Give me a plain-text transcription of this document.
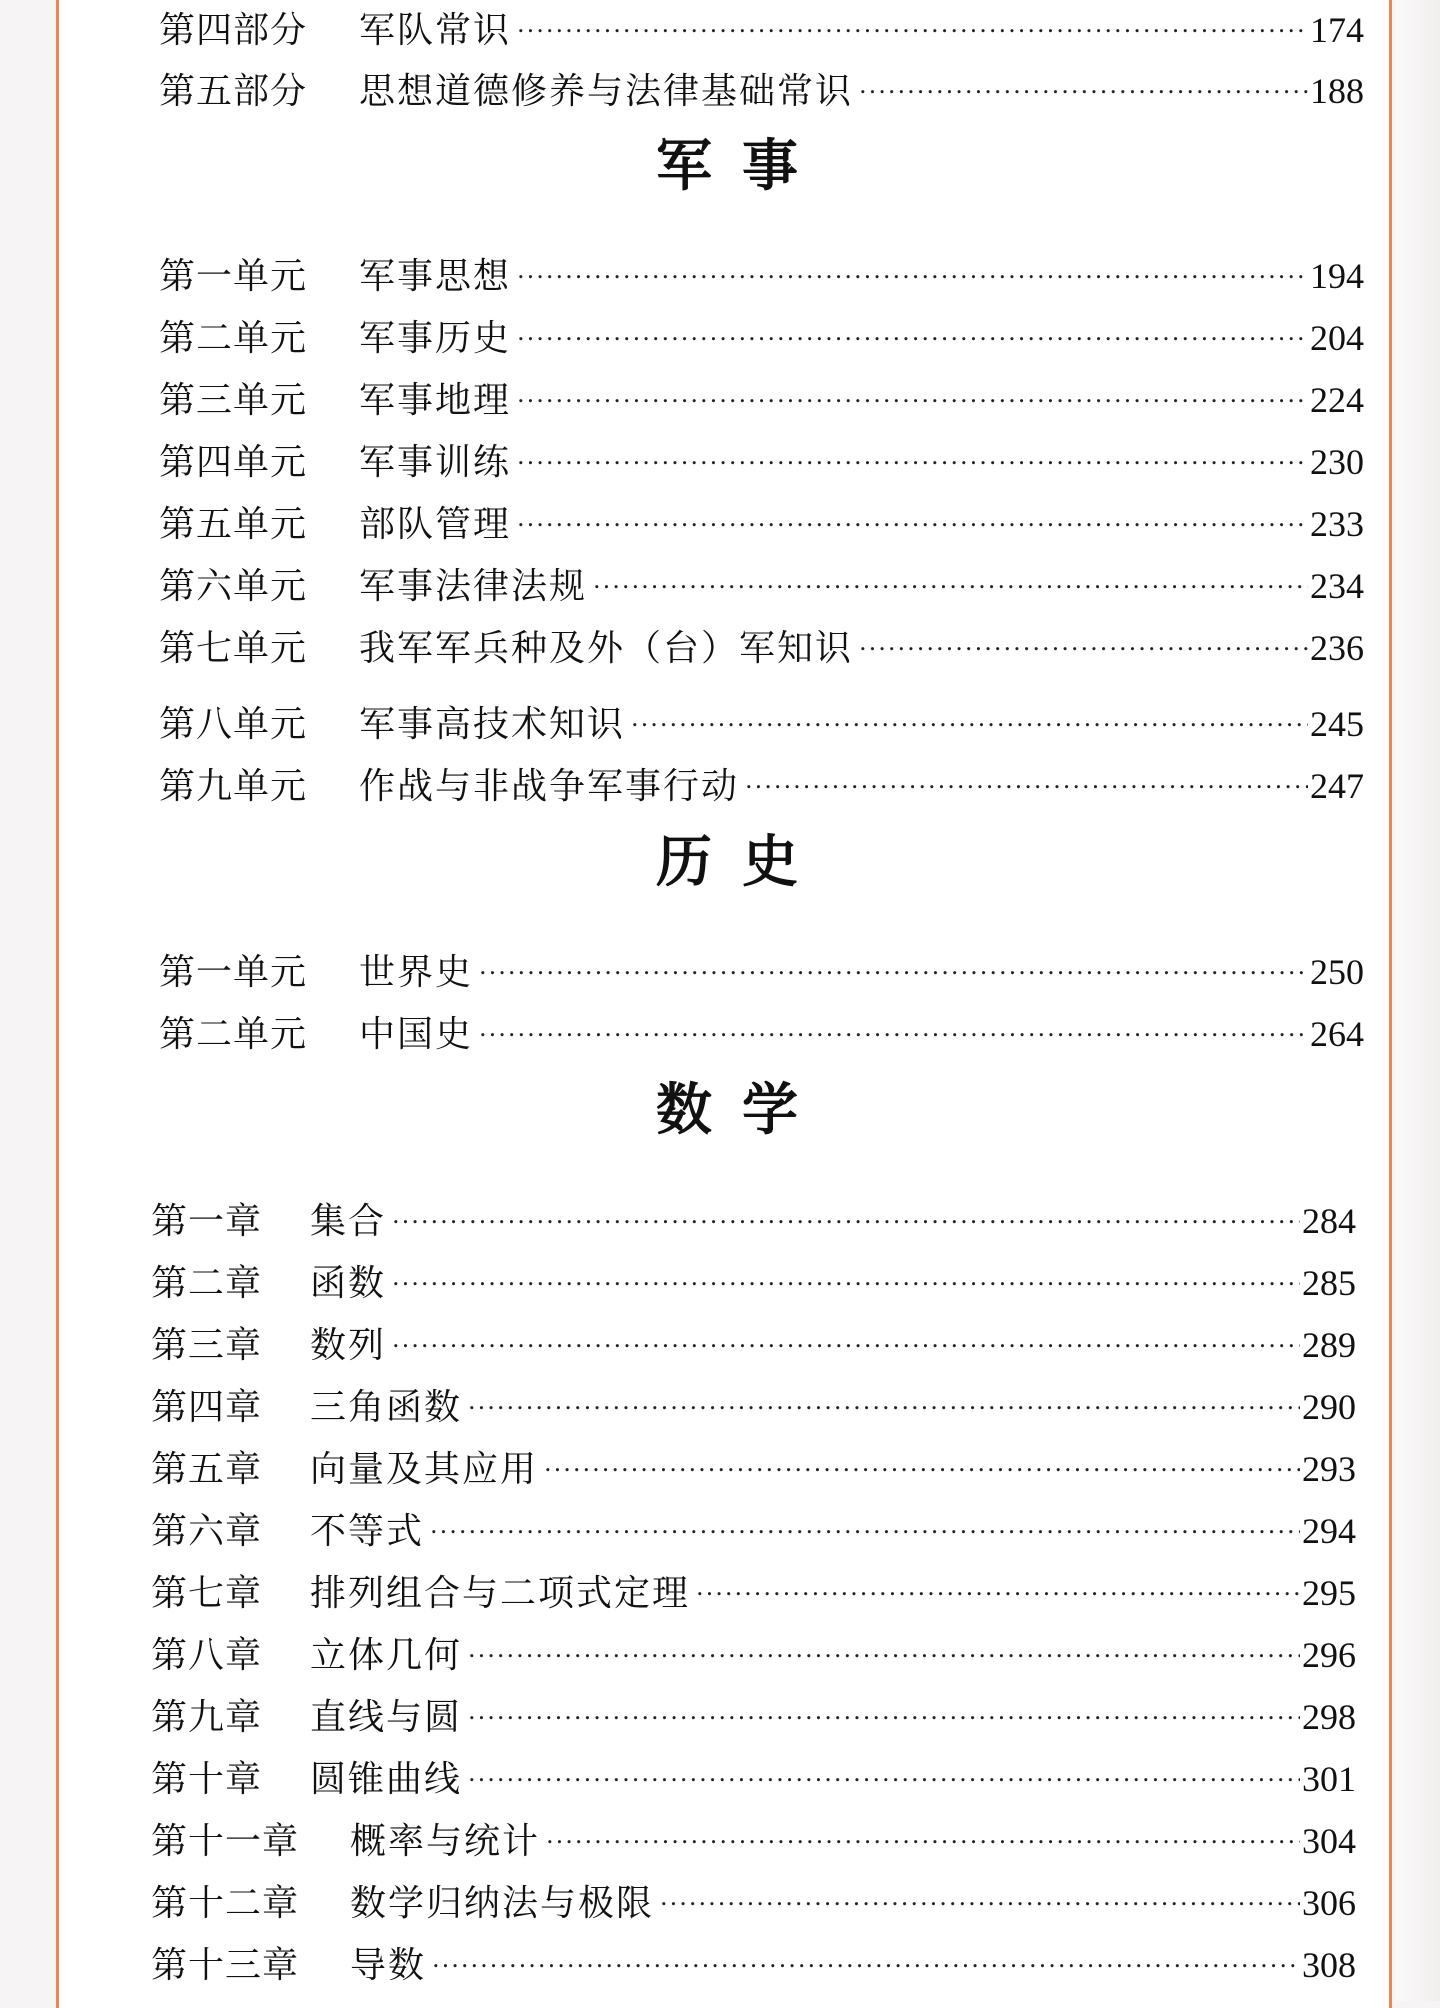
第四部分	军队常识 .....	174
第五部分	思想道德修养与法律基础常识 .....	188
军事
第一单元	军事思想 .....	194
第二单元	军事历史 .....	204
第三单元	军事地理 .....	224
第四单元	军事训练 .....	230
第五单元	部队管理 .....	233
第六单元	军事法律法规 .....	234
第七单元	我军军兵种及外（台）军知识 .....	236
第八单元	军事高技术知识 .....	245
第九单元	作战与非战争军事行动 .....	247
历史
第一单元	世界史 .....	250
第二单元	中国史 .....	264
数学
第一章	集合 .....	284
第二章	函数 .....	285
第三章	数列 .....	289
第四章	三角函数 .....	290
第五章	向量及其应用 .....	293
第六章	不等式 .....	294
第七章	排列组合与二项式定理 .....	295
第八章	立体几何 .....	296
第九章	直线与圆 .....	298
第十章	圆锥曲线 .....	301
第十一章	概率与统计 .....	304
第十二章	数学归纳法与极限 .....	306
第十三章	导数 .....	308
